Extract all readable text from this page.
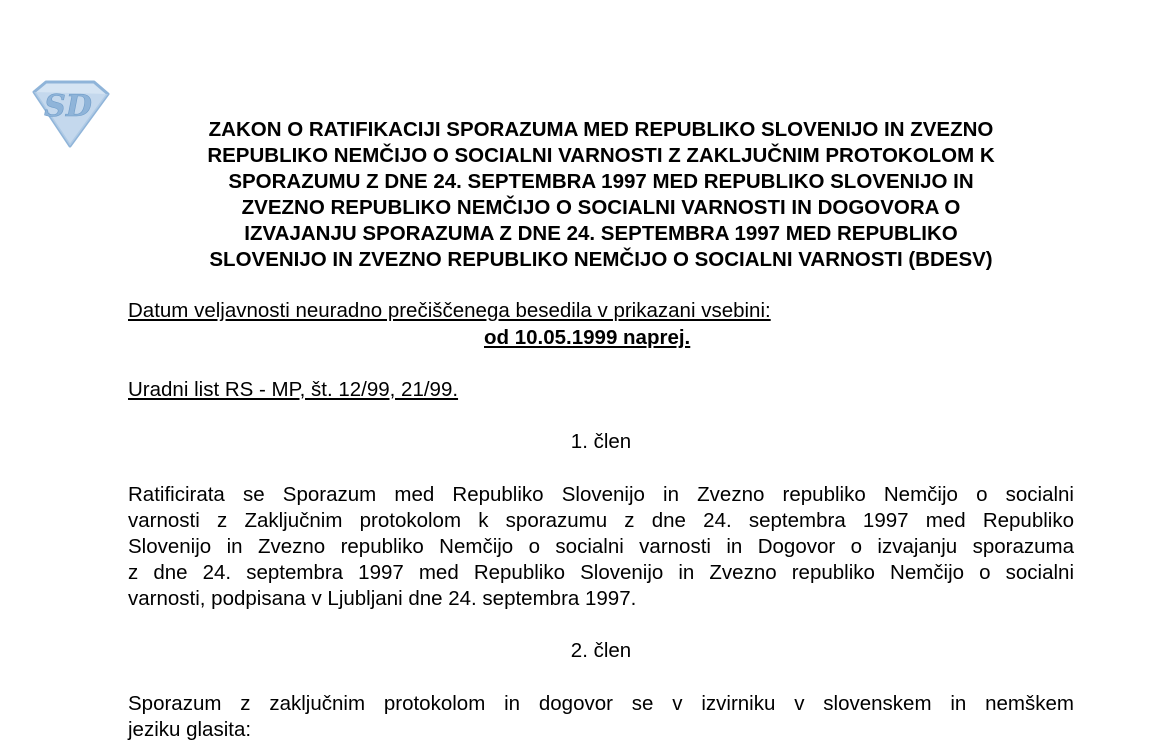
SD
ZAKON O RATIFIKACIJI SPORAZUMA MED REPUBLIKO SLOVENIJO IN ZVEZNO
REPUBLIKO NEMČIJO O SOCIALNI VARNOSTI Z ZAKLJUČNIM PROTOKOLOM K
SPORAZUMU Z DNE 24. SEPTEMBRA 1997 MED REPUBLIKO SLOVENIJO IN
ZVEZNO REPUBLIKO NEMČIJO O SOCIALNI VARNOSTI IN DOGOVORA O
IZVAJANJU SPORAZUMA Z DNE 24. SEPTEMBRA 1997 MED REPUBLIKO
SLOVENIJO IN ZVEZNO REPUBLIKO NEMČIJO O SOCIALNI VARNOSTI (BDESV)
Datum veljavnosti neuradno prečiščenega besedila v prikazani vsebini:
od 10.05.1999 naprej.
Uradni list RS - MP, št. 12/99, 21/99.
1. člen
Ratificirata se Sporazum med Republiko Slovenijo in Zvezno republiko Nemčijo o socialni
varnosti z Zaključnim protokolom k sporazumu z dne 24. septembra 1997 med Republiko
Slovenijo in Zvezno republiko Nemčijo o socialni varnosti in Dogovor o izvajanju sporazuma
z dne 24. septembra 1997 med Republiko Slovenijo in Zvezno republiko Nemčijo o socialni
varnosti, podpisana v Ljubljani dne 24. septembra 1997.
2. člen
Sporazum z zaključnim protokolom in dogovor se v izvirniku v slovenskem in nemškem
jeziku glasita:
